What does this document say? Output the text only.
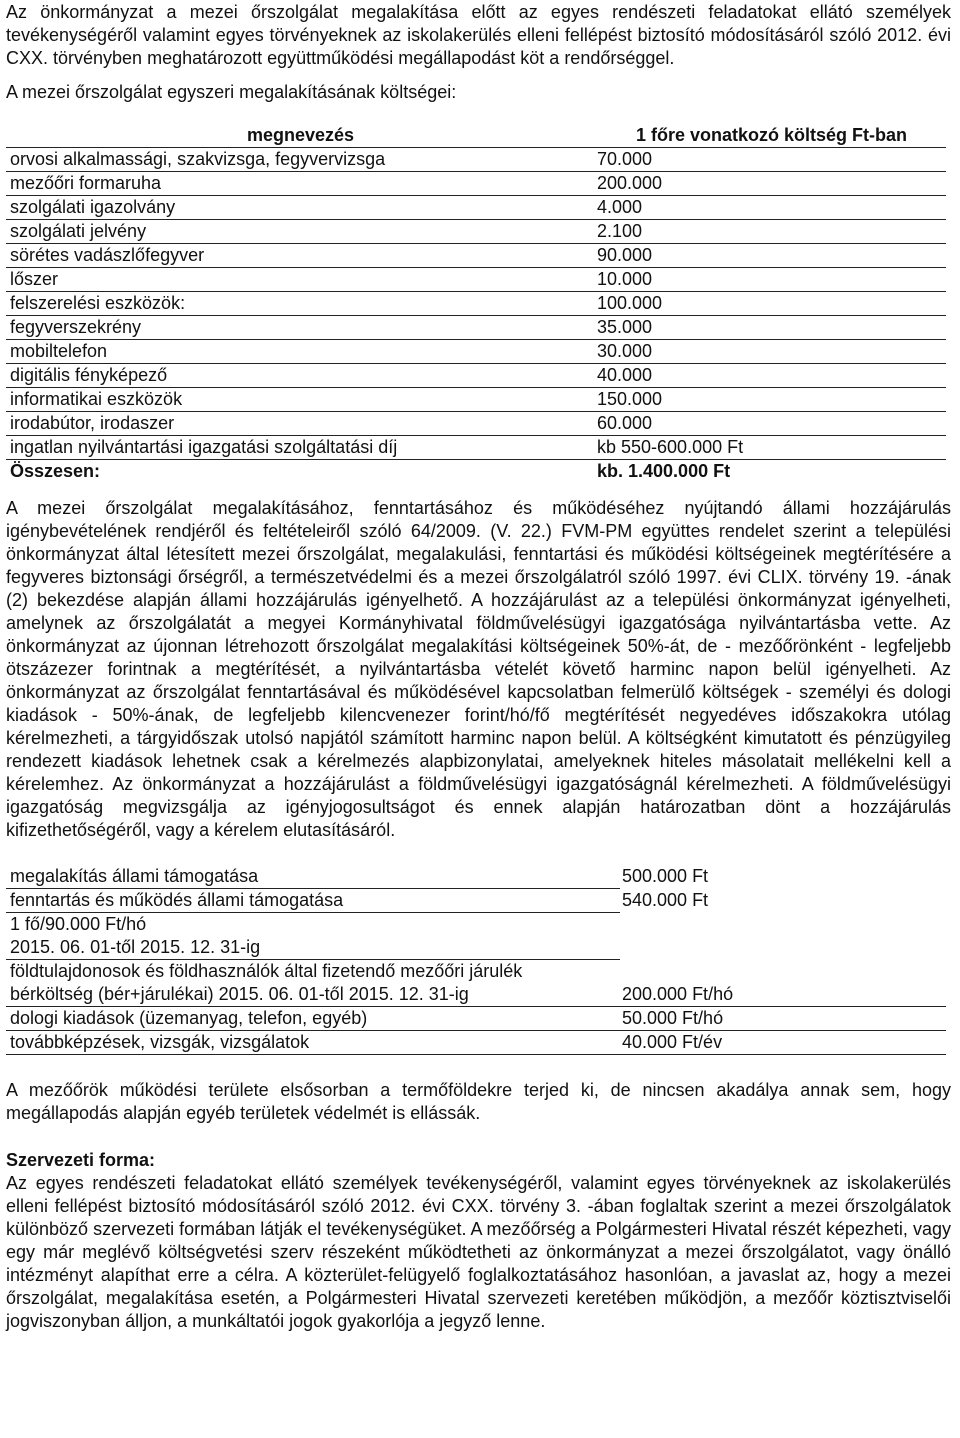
Az önkormányzat a mezei őrszolgálat megalakítása előtt az egyes rendészeti feladatokat ellátó személyek tevékenységéről valamint egyes törvényeknek az iskolakerülés elleni fellépést biztosító módosításáról szóló 2012. évi CXX. törvényben meghatározott együttműködési megállapodást köt a rendőrséggel.

A mezei őrszolgálat egyszeri megalakításának költségei:

megnevezés	1 főre vonatkozó költség Ft-ban
orvosi alkalmassági, szakvizsga, fegyvervizsga	70.000
mezőőri formaruha	200.000
szolgálati igazolvány	4.000
szolgálati jelvény	2.100
sörétes vadászlőfegyver	90.000
lőszer	10.000
felszerelési eszközök:	100.000
fegyverszekrény	35.000
mobiltelefon	30.000
digitális fényképező	40.000
informatikai eszközök	150.000
irodabútor, irodaszer	60.000
ingatlan nyilvántartási igazgatási szolgáltatási díj	kb 550-600.000 Ft
Összesen:	kb. 1.400.000 Ft

A mezei őrszolgálat megalakításához, fenntartásához és működéséhez nyújtandó állami hozzájárulás igénybevételének rendjéről és feltételeiről szóló 64/2009. (V. 22.) FVM-PM együttes rendelet szerint a települési önkormányzat által létesített mezei őrszolgálat, megalakulási, fenntartási és működési költségeinek megtérítésére a fegyveres biztonsági őrségről, a természetvédelmi és a mezei őrszolgálatról szóló 1997. évi CLIX. törvény 19. -ának (2) bekezdése alapján állami hozzájárulás igényelhető. A hozzájárulást az a települési önkormányzat igényelheti, amelynek az őrszolgálatát a megyei Kormányhivatal földművelésügyi igazgatósága nyilvántartásba vette. Az önkormányzat az újonnan létrehozott őrszolgálat megalakítási költségeinek 50%-át, de - mezőőrönként - legfeljebb ötszázezer forintnak a megtérítését, a nyilvántartásba vételét követő harminc napon belül igényelheti. Az önkormányzat az őrszolgálat fenntartásával és működésével kapcsolatban felmerülő költségek - személyi és dologi kiadások - 50%-ának, de legfeljebb kilencvenezer forint/hó/fő megtérítését negyedéves időszakokra utólag kérelmezheti, a tárgyidőszak utolsó napjától számított harminc napon belül. A költségként kimutatott és pénzügyileg rendezett kiadások lehetnek csak a kérelmezés alapbizonylatai, amelyeknek hiteles másolatait mellékelni kell a kérelemhez. Az önkormányzat a hozzájárulást a földművelésügyi igazgatóságnál kérelmezheti. A földművelésügyi igazgatóság megvizsgálja az igényjogosultságot és ennek alapján határozatban dönt a hozzájárulás kifizethetőségéről, vagy a kérelem elutasításáról.

megalakítás állami támogatása	500.000 Ft
fenntartás és működés állami támogatása	540.000 Ft
1 fő/90.000 Ft/hó	
2015. 06. 01-től 2015. 12. 31-ig	
földtulajdonosok és földhasználók által fizetendő mezőőri járulék	
bérköltség (bér+járulékai) 2015. 06. 01-től 2015. 12. 31-ig	200.000 Ft/hó
dologi kiadások (üzemanyag, telefon, egyéb)	50.000 Ft/hó
továbbképzések, vizsgák, vizsgálatok	40.000 Ft/év

A mezőőrök működési területe elsősorban a termőföldekre terjed ki, de nincsen akadálya annak sem, hogy megállapodás alapján egyéb területek védelmét is ellássák.

Szervezeti forma:

Az egyes rendészeti feladatokat ellátó személyek tevékenységéről, valamint egyes törvényeknek az iskolakerülés elleni fellépést biztosító módosításáról szóló 2012. évi CXX. törvény 3. -ában foglaltak szerint a mezei őrszolgálatok különböző szervezeti formában látják el tevékenységüket. A mezőőrség a Polgármesteri Hivatal részét képezheti, vagy egy már meglévő költségvetési szerv részeként működtetheti az önkormányzat a mezei őrszolgálatot, vagy önálló intézményt alapíthat erre a célra. A közterület-felügyelő foglalkoztatásához hasonlóan, a javaslat az, hogy a mezei őrszolgálat, megalakítása esetén, a Polgármesteri Hivatal szervezeti keretében működjön, a mezőőr köztisztviselői jogviszonyban álljon, a munkáltatói jogok gyakorlója a jegyző lenne.
